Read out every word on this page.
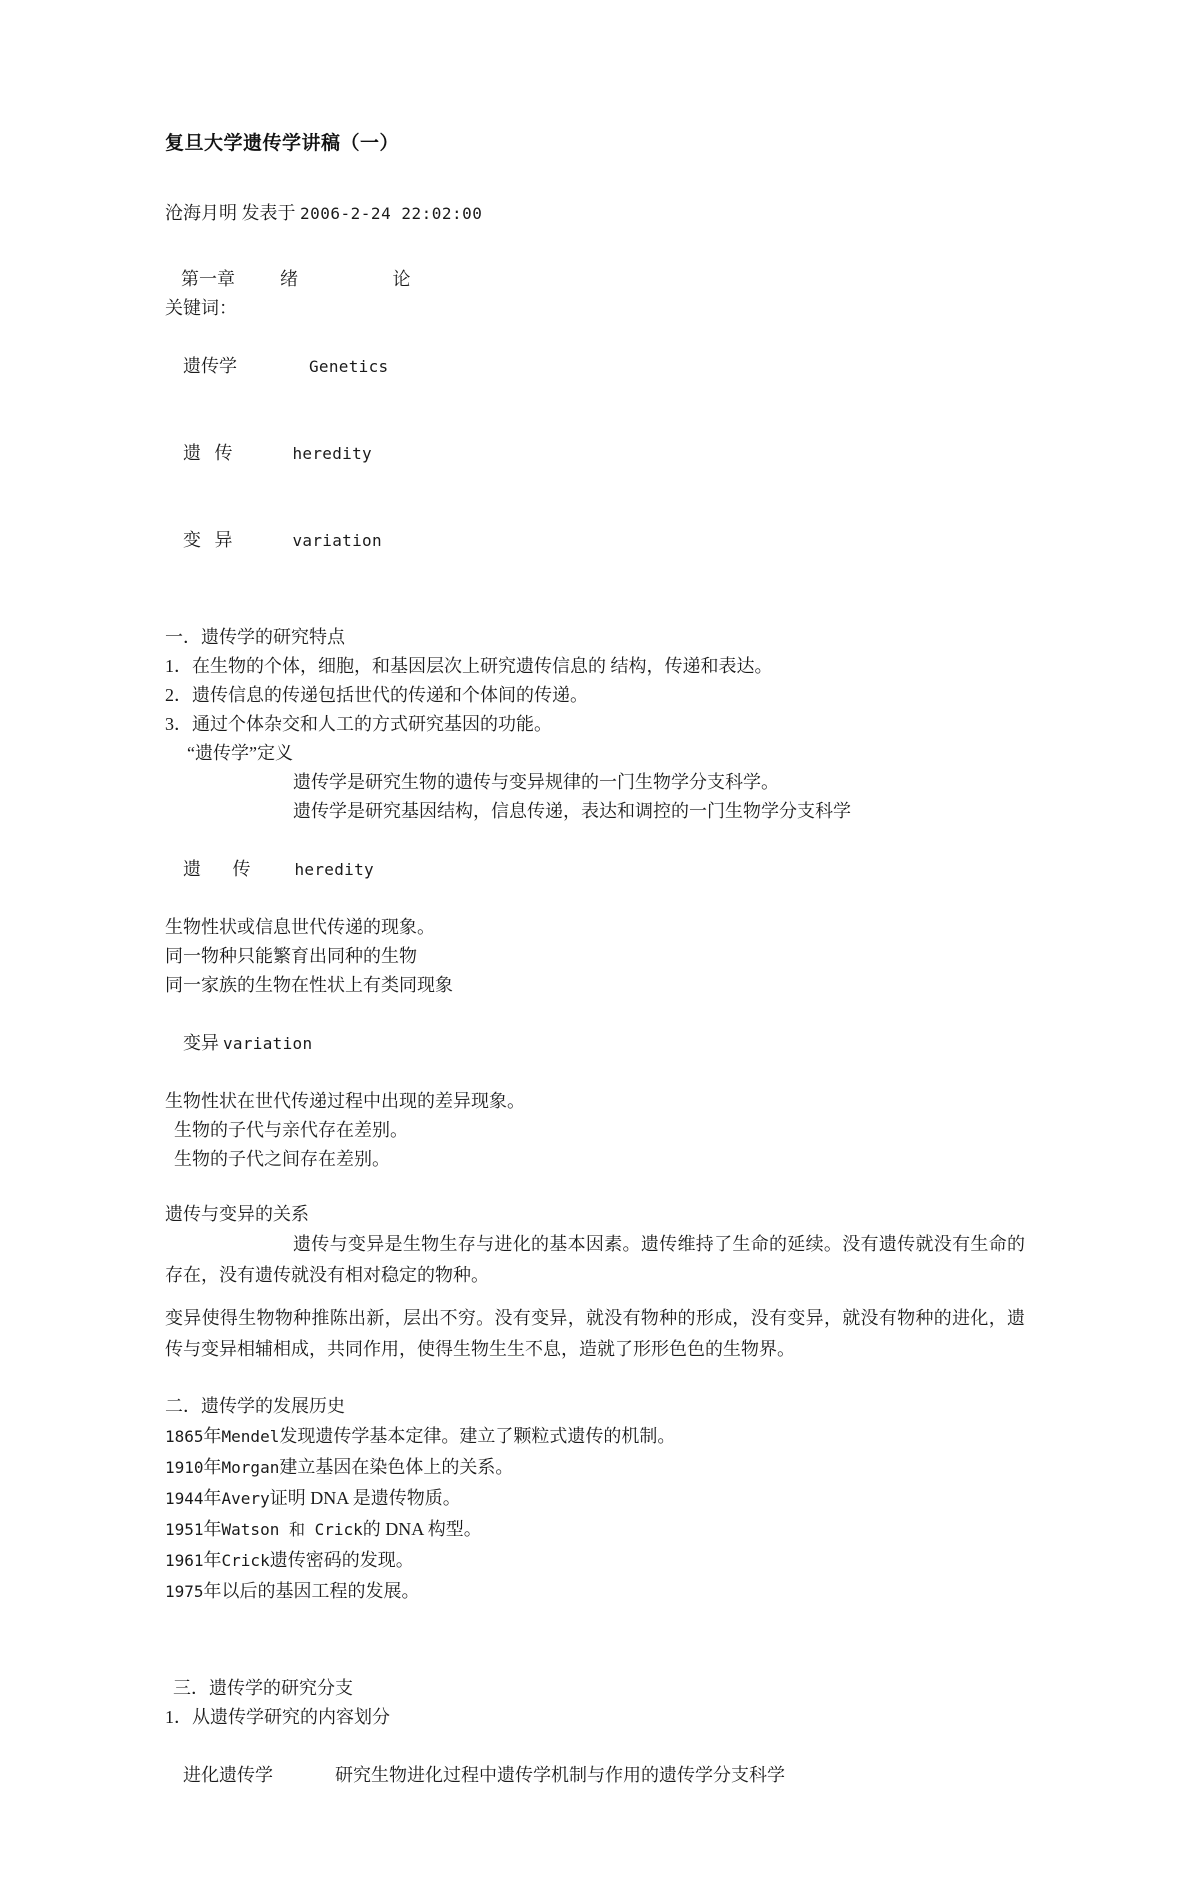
复旦大学遗传学讲稿（一）
沧海月明 发表于 2006-2-24 22:02:00

第一章          绪                     论

关键词：

遗传学	Genetics

遗   传	heredity

变   异	variation

一．遗传学的研究特点

1．在生物的个体，细胞，和基因层次上研究遗传信息的 结构，传递和表达。

2．遗传信息的传递包括世代的传递和个体间的传递。

3．通过个体杂交和人工的方式研究基因的功能。

“遗传学”定义

遗传学是研究生物的遗传与变异规律的一门生物学分支科学。

遗传学是研究基因结构，信息传递，表达和调控的一门生物学分支科学

遗       传	heredity

生物性状或信息世代传递的现象。

同一物种只能繁育出同种的生物

同一家族的生物在性状上有类同现象

变异 variation

生物性状在世代传递过程中出现的差异现象。

生物的子代与亲代存在差别。

生物的子代之间存在差别。

遗传与变异的关系

遗传与变异是生物生存与进化的基本因素。遗传维持了生命的延续。没有遗传就没有生命的存在，没有遗传就没有相对稳定的物种。

变异使得生物物种推陈出新，层出不穷。没有变异，就没有物种的形成，没有变异，就没有物种的进化，遗传与变异相辅相成，共同作用，使得生物生生不息，造就了形形色色的生物界。

二．遗传学的发展历史

1865年Mendel发现遗传学基本定律。建立了颗粒式遗传的机制。

1910年Morgan建立基因在染色体上的关系。

1944年Avery证明 DNA 是遗传物质。

1951年Watson 和 Crick的 DNA 构型。

1961年Crick遗传密码的发现。

1975年以后的基因工程的发展。

三．遗传学的研究分支

1．从遗传学研究的内容划分

进化遗传学	研究生物进化过程中遗传学机制与作用的遗传学分支科学
